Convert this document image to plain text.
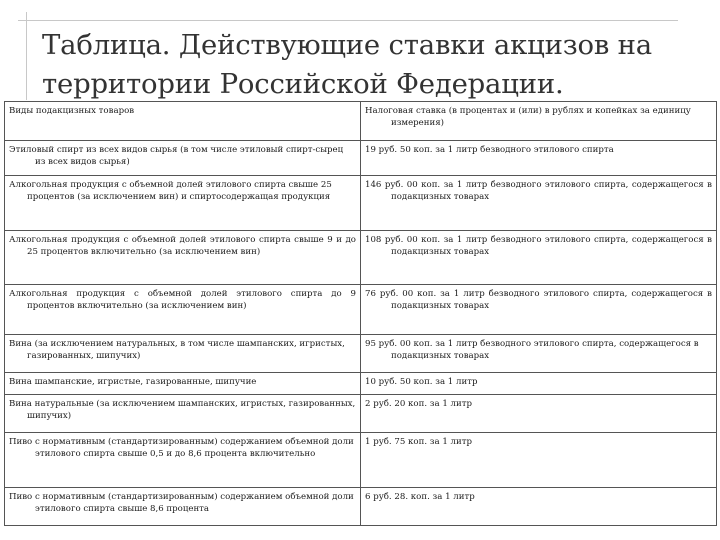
Таблица. Действующие ставки акцизов на территории Российской Федерации.
Виды подакцизных товаров	Налоговая ставка (в процентах и (или) в рублях и копейках за единицу измерения)
Этиловый спирт из всех видов сырья (в том числе этиловый спирт-сырец из всех видов сырья)	19 руб. 50 коп. за 1 литр безводного этилового спирта
Алкогольная продукция с объемной долей этилового спирта свыше 25 процентов (за исключением вин) и спиртосодержащая продукция	146 руб. 00 коп. за 1 литр безводного этилового спирта, содержащегося в подакцизных товарах
Алкогольная продукция с объемной долей этилового спирта свыше 9 и до 25 процентов включительно (за исключением вин)	108 руб. 00 коп. за 1 литр безводного этилового спирта, содержащегося в подакцизных товарах
Алкогольная продукция с объемной долей этилового спирта до 9 процентов включительно (за исключением вин)	76 руб. 00 коп. за 1 литр безводного этилового спирта, содержащегося в подакцизных товарах
Вина (за исключением натуральных, в том числе шампанских, игристых, газированных, шипучих)	95 руб. 00 коп. за 1 литр безводного этилового спирта, содержащегося в подакцизных товарах
Вина шампанские, игристые, газированные, шипучие	10 руб. 50 коп. за 1 литр
Вина натуральные (за исключением шампанских, игристых, газированных, шипучих)	2 руб. 20 коп. за 1 литр
Пиво с нормативным (стандартизированным) содержанием объемной доли этилового спирта свыше 0,5 и до 8,6 процента включительно	1 руб. 75 коп. за 1 литр
Пиво с нормативным (стандартизированным) содержанием объемной доли этилового спирта свыше 8,6 процента	6 руб. 28. коп. за 1 литр
